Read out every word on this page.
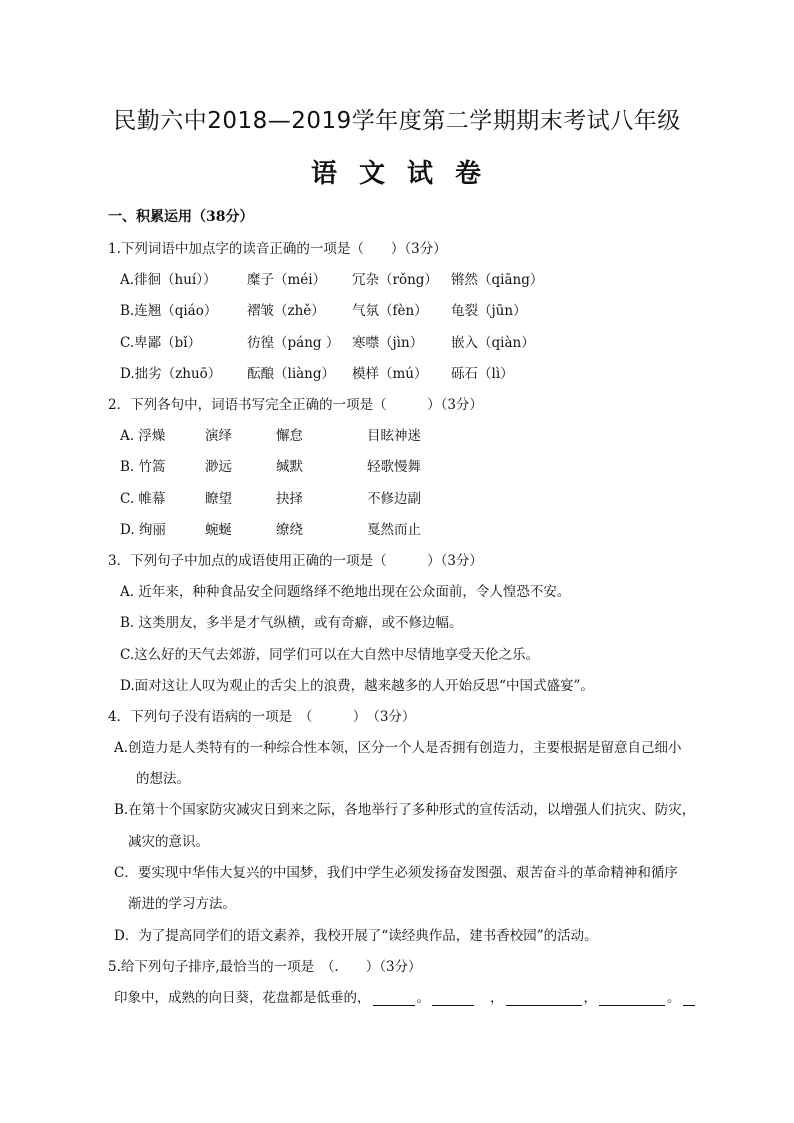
民勤六中2018—2019学年度第二学期期末考试八年级
语文试卷
一、积累运用（38分）
1.下列词语中加点字的读音正确的一项是（　　）（3分）
A.徘徊（huí）） 糜子（méi） 冗杂（rǒng） 锵然（qiāng）
B.连翘（qiáo） 褶皱（zhě） 气氛（fèn） 龟裂（jūn）
C.卑鄙（bǐ）	彷徨（páng ） 寒噤（jìn） 嵌入（qiàn）
D.拙劣（zhuō） 酝酿（liàng） 模样（mú） 砾石（lì）
2．下列各句中，词语书写完全正确的一项是（　　　）（3分）
A. 浮燥	演绎	懈怠	目眩神迷
B. 竹篙	渺远	缄默	轻歌慢舞
C. 帷幕	瞭望	抉择	不修边副
D. 绚丽	蜿蜒	缭绕	戛然而止
3．下列句子中加点的成语使用正确的一项是（　　　）（3分）
A. 近年来，种种食品安全问题络绎不绝地出现在公众面前，令人惶恐不安。
B. 这类朋友，多半是才气纵横，或有奇癖，或不修边幅。
C.这么好的天气去郊游，同学们可以在大自然中尽情地享受天伦之乐。
D.面对这让人叹为观止的舌尖上的浪费，越来越多的人开始反思“中国式盛宴”。
4．下列句子没有语病的一项是　（　　　）　（3分）
A.创造力是人类特有的一种综合性本领，区分一个人是否拥有创造力，主要根据是留意自己细小
的想法。
B.在第十个国家防灾减灾日到来之际，各地举行了多种形式的宣传活动，以增强人们抗灾、防灾，
减灾的意识。
C．要实现中华伟大复兴的中国梦，我们中学生必须发扬奋发图强、艰苦奋斗的革命精神和循序
渐进的学习方法。
D．为了提高同学们的语文素养，我校开展了“读经典作品，建书香校园”的活动。
5.给下列句子排序,最恰当的一项是　（.　　）（3分）
印象中，成熟的向日葵，花盘都是低垂的，	。	，	，	。
